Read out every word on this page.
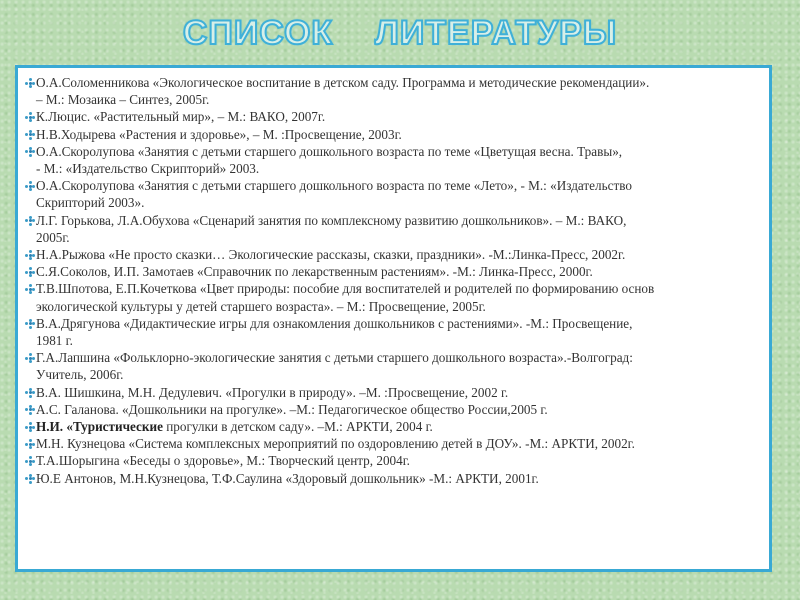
СПИСОК    ЛИТЕРАТУРЫ
О.А.Соломенникова «Экологическое воспитание в детском саду. Программа и методические рекомендации».
– М.: Мозаика – Синтез, 2005г.
К.Люцис. «Растительный мир», – М.: ВАКО, 2007г.
Н.В.Ходырева «Растения и здоровье», – М. :Просвещение, 2003г.
О.А.Скоролупова «Занятия с детьми старшего дошкольного возраста по теме «Цветущая весна. Травы»,
- М.: «Издательство Скрипторий» 2003.
О.А.Скоролупова «Занятия с детьми старшего дошкольного возраста по теме «Лето», - М.: «Издательство
Скрипторий 2003».
Л.Г. Горькова, Л.А.Обухова «Сценарий занятия по комплексному развитию дошкольников». – М.: ВАКО,
2005г.
Н.А.Рыжова «Не просто сказки… Экологические рассказы, сказки, праздники». -М.:Линка-Пресс, 2002г.
С.Я.Соколов, И.П. Замотаев «Справочник по лекарственным растениям». -М.: Линка-Пресс, 2000г.
Т.В.Шпотова, Е.П.Кочеткова «Цвет природы: пособие для воспитателей и родителей по формированию основ
экологической культуры у детей старшего возраста». – М.: Просвещение, 2005г.
В.А.Дрягунова «Дидактические игры для ознакомления дошкольников с растениями». -М.: Просвещение,
1981 г.
Г.А.Лапшина «Фольклорно-экологические занятия с детьми старшего дошкольного возраста».-Волгоград:
Учитель, 2006г.
В.А. Шишкина, М.Н. Дедулевич. «Прогулки в природу». –М. :Просвещение, 2002 г.
А.С. Галанова. «Дошкольники на прогулке». –М.: Педагогическое общество России,2005 г.
Н.И. «Туристические прогулки в детском саду». –М.: АРКТИ, 2004 г.
М.Н. Кузнецова «Система комплексных мероприятий по оздоровлению детей в ДОУ». -М.: АРКТИ, 2002г.
Т.А.Шорыгина «Беседы о здоровье», М.: Творческий центр, 2004г.
Ю.Е Антонов, М.Н.Кузнецова, Т.Ф.Саулина «Здоровый дошкольник» -М.: АРКТИ, 2001г.
